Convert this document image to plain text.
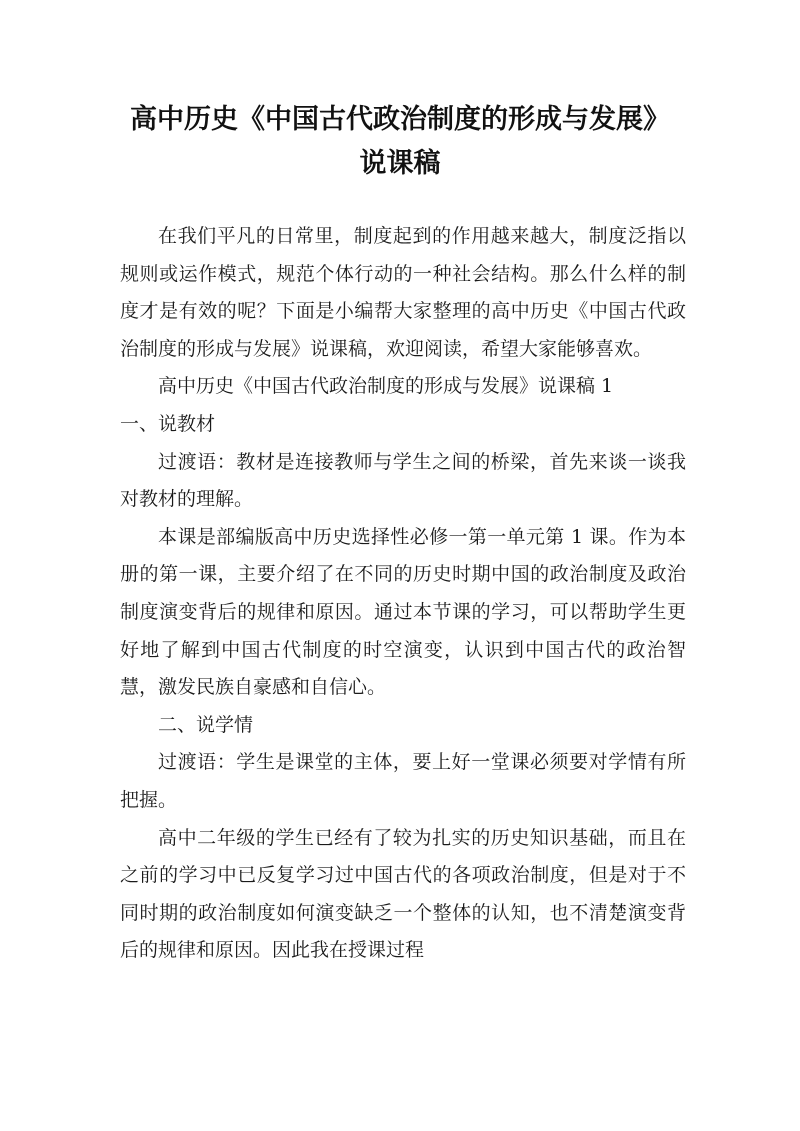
高中历史《中国古代政治制度的形成与发展》
说课稿

在我们平凡的日常里，制度起到的作用越来越大，制度泛指以规则或运作模式，规范个体行动的一种社会结构。那么什么样的制度才是有效的呢？下面是小编帮大家整理的高中历史《中国古代政治制度的形成与发展》说课稿，欢迎阅读，希望大家能够喜欢。

高中历史《中国古代政治制度的形成与发展》说课稿 1

一、说教材

过渡语：教材是连接教师与学生之间的桥梁，首先来谈一谈我对教材的理解。

本课是部编版高中历史选择性必修一第一单元第 1 课。作为本册的第一课，主要介绍了在不同的历史时期中国的政治制度及政治制度演变背后的规律和原因。通过本节课的学习，可以帮助学生更好地了解到中国古代制度的时空演变，认识到中国古代的政治智慧，激发民族自豪感和自信心。

二、说学情

过渡语：学生是课堂的主体，要上好一堂课必须要对学情有所把握。

高中二年级的学生已经有了较为扎实的历史知识基础，而且在之前的学习中已反复学习过中国古代的各项政治制度，但是对于不同时期的政治制度如何演变缺乏一个整体的认知，也不清楚演变背后的规律和原因。因此我在授课过程
